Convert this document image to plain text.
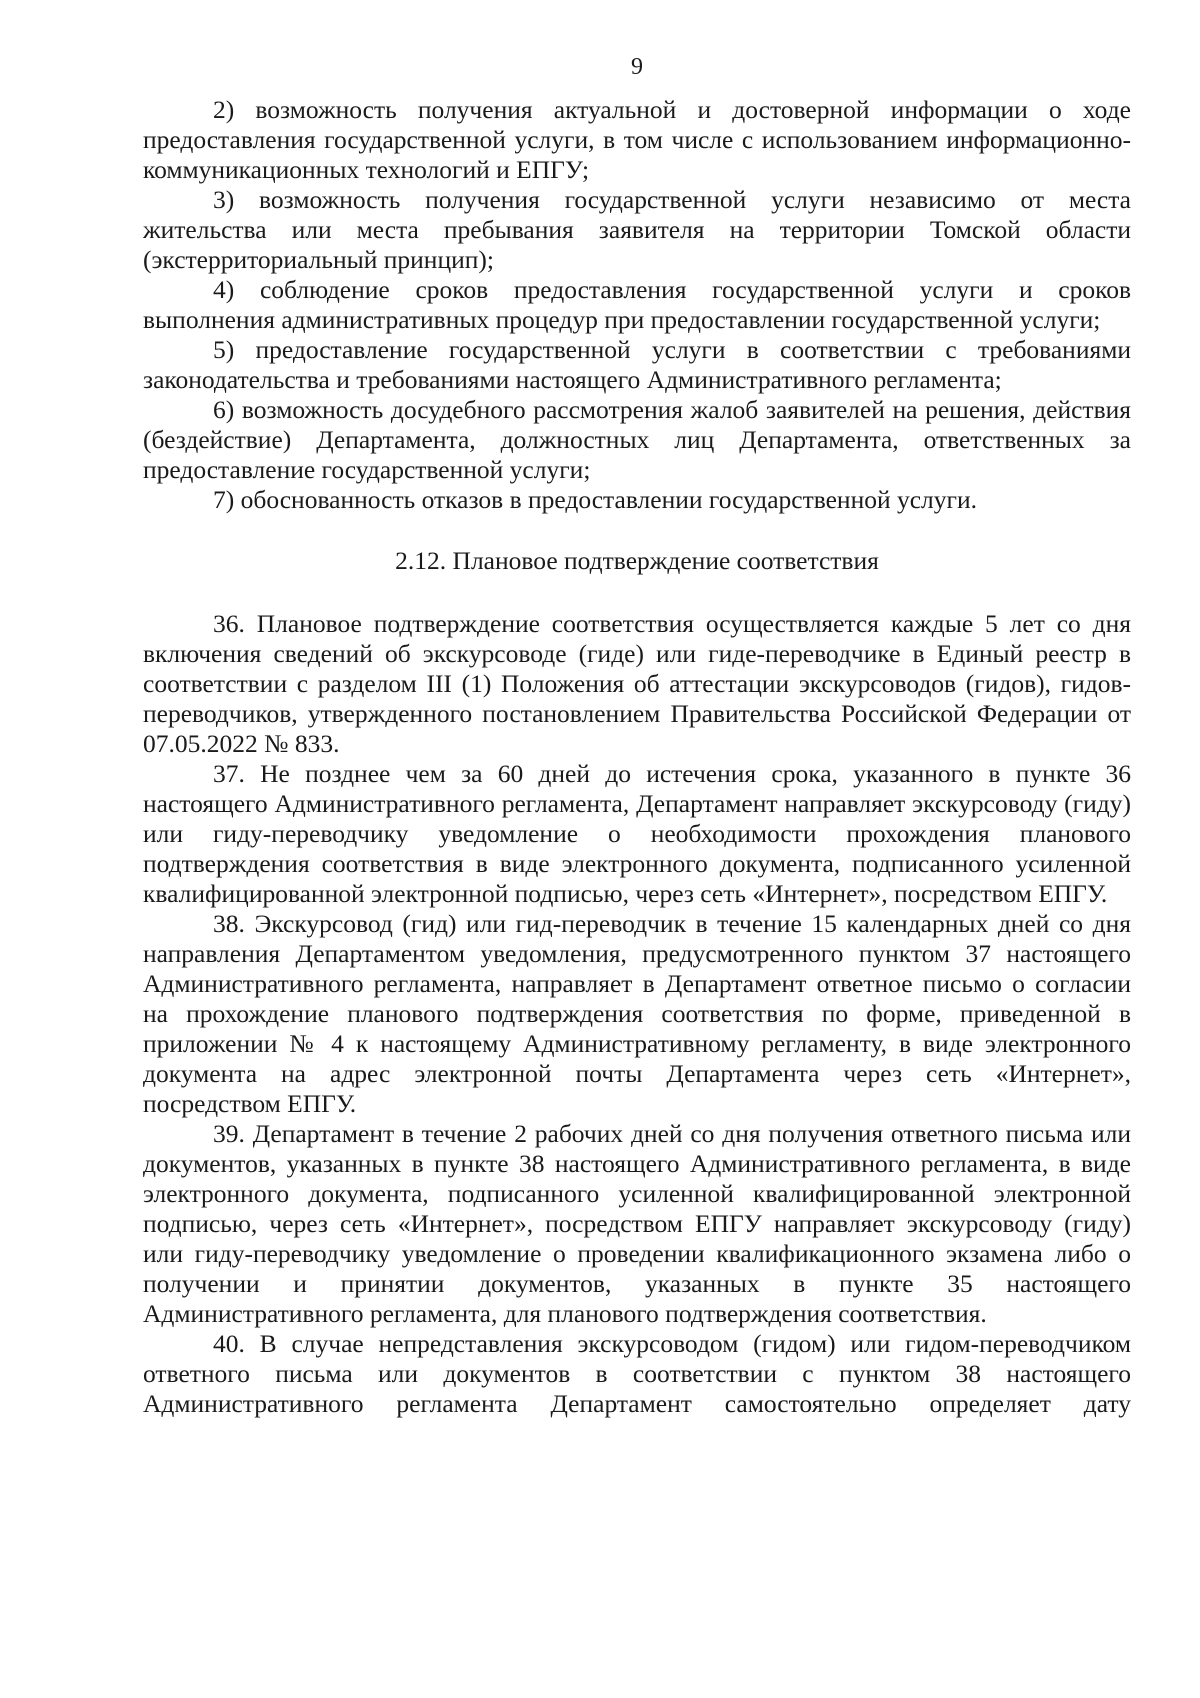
9

2) возможность получения актуальной и достоверной информации о ходе предоставления государственной услуги, в том числе с использованием информационно-коммуникационных технологий и ЕПГУ;

3) возможность получения государственной услуги независимо от места жительства или места пребывания заявителя на территории Томской области (экстерриториальный принцип);

4) соблюдение сроков предоставления государственной услуги и сроков выполнения административных процедур при предоставлении государственной услуги;

5) предоставление государственной услуги в соответствии с требованиями законодательства и требованиями настоящего Административного регламента;

6) возможность досудебного рассмотрения жалоб заявителей на решения, действия (бездействие) Департамента, должностных лиц Департамента, ответственных за предоставление государственной услуги;

7) обоснованность отказов в предоставлении государственной услуги.

2.12. Плановое подтверждение соответствия

36. Плановое подтверждение соответствия осуществляется каждые 5 лет со дня включения сведений об экскурсоводе (гиде) или гиде-переводчике в Единый реестр в соответствии с разделом III (1) Положения об аттестации экскурсоводов (гидов), гидов-переводчиков, утвержденного постановлением Правительства Российской Федерации от 07.05.2022 № 833.

37. Не позднее чем за 60 дней до истечения срока, указанного в пункте 36 настоящего Административного регламента, Департамент направляет экскурсоводу (гиду) или гиду-переводчику уведомление о необходимости прохождения планового подтверждения соответствия в виде электронного документа, подписанного усиленной квалифицированной электронной подписью, через сеть «Интернет», посредством ЕПГУ.

38. Экскурсовод (гид) или гид-переводчик в течение 15 календарных дней со дня направления Департаментом уведомления, предусмотренного пунктом 37 настоящего Административного регламента, направляет в Департамент ответное письмо о согласии на прохождение планового подтверждения соответствия по форме, приведенной в приложении № 4 к настоящему Административному регламенту, в виде электронного документа на адрес электронной почты Департамента через сеть «Интернет», посредством ЕПГУ.

39. Департамент в течение 2 рабочих дней со дня получения ответного письма или документов, указанных в пункте 38 настоящего Административного регламента, в виде электронного документа, подписанного усиленной квалифицированной электронной подписью, через сеть «Интернет», посредством ЕПГУ направляет экскурсоводу (гиду) или гиду-переводчику уведомление о проведении квалификационного экзамена либо о получении и принятии документов, указанных в пункте 35 настоящего Административного регламента, для планового подтверждения соответствия.

40. В случае непредставления экскурсоводом (гидом) или гидом-переводчиком ответного письма или документов в соответствии с пунктом 38 настоящего Административного регламента Департамент самостоятельно определяет дату
